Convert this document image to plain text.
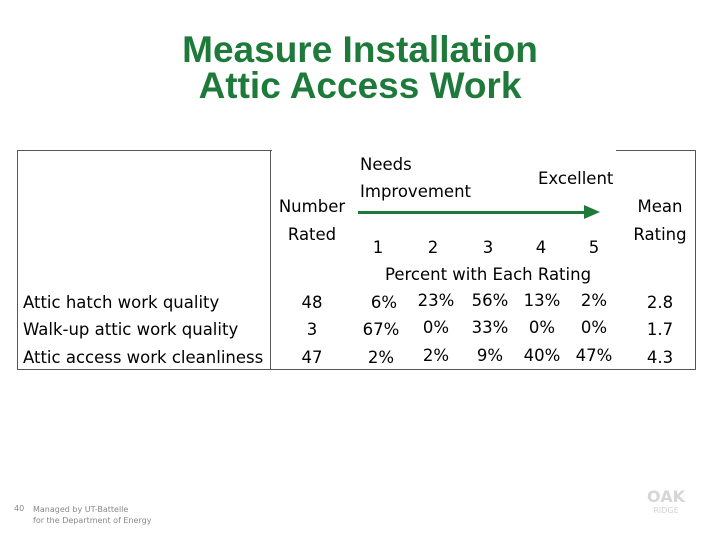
Measure Installation
Attic Access Work
Number
Rated
Needs
Improvement
Excellent
Mean
Rating
1	2	3	4	5
Percent with Each Rating
Attic hatch work quality	48	6%	23%	56% 13%	2%	2.8
Walk-up attic work quality	3	67%	0%	33%	0%	0%	1.7
Attic access work cleanliness	47	2%	2%	9%	40% 47%	4.3
40 Managed by UT-Battelle
for the Department of Energy
OAK
RIDGE
